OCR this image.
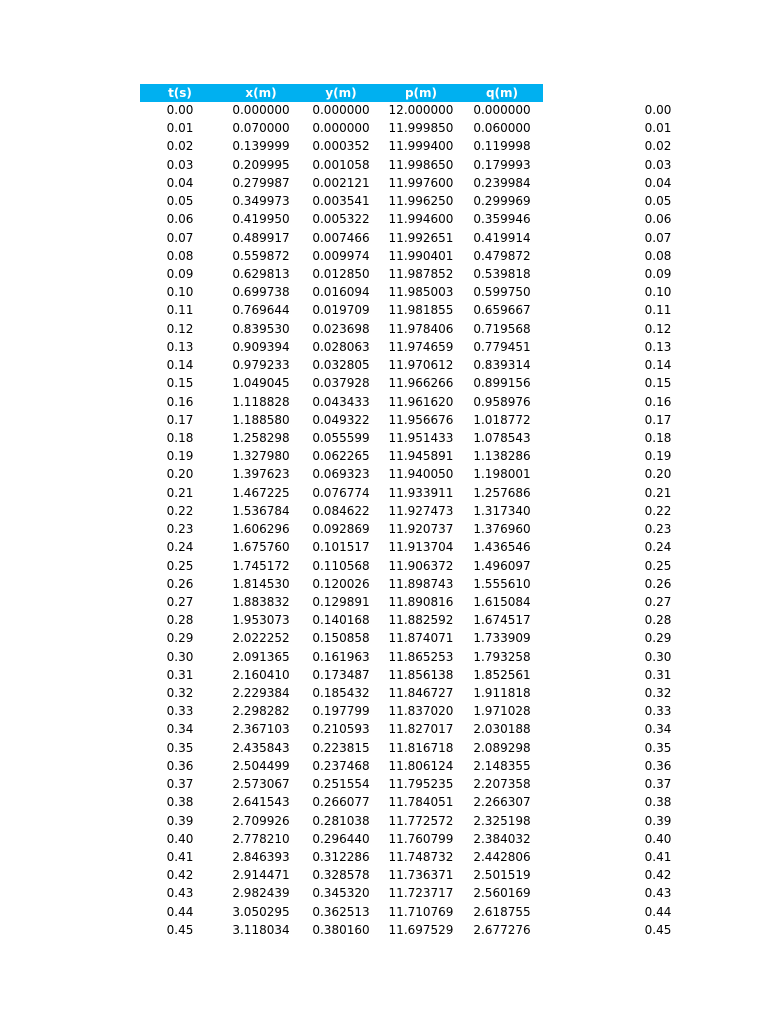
t(s)	x(m)	y(m)	p(m)	q(m)
0.00	0.000000	0.000000	12.000000	0.000000	0.00
0.01	0.070000	0.000000	11.999850	0.060000	0.01
0.02	0.139999	0.000352	11.999400	0.119998	0.02
0.03	0.209995	0.001058	11.998650	0.179993	0.03
0.04	0.279987	0.002121	11.997600	0.239984	0.04
0.05	0.349973	0.003541	11.996250	0.299969	0.05
0.06	0.419950	0.005322	11.994600	0.359946	0.06
0.07	0.489917	0.007466	11.992651	0.419914	0.07
0.08	0.559872	0.009974	11.990401	0.479872	0.08
0.09	0.629813	0.012850	11.987852	0.539818	0.09
0.10	0.699738	0.016094	11.985003	0.599750	0.10
0.11	0.769644	0.019709	11.981855	0.659667	0.11
0.12	0.839530	0.023698	11.978406	0.719568	0.12
0.13	0.909394	0.028063	11.974659	0.779451	0.13
0.14	0.979233	0.032805	11.970612	0.839314	0.14
0.15	1.049045	0.037928	11.966266	0.899156	0.15
0.16	1.118828	0.043433	11.961620	0.958976	0.16
0.17	1.188580	0.049322	11.956676	1.018772	0.17
0.18	1.258298	0.055599	11.951433	1.078543	0.18
0.19	1.327980	0.062265	11.945891	1.138286	0.19
0.20	1.397623	0.069323	11.940050	1.198001	0.20
0.21	1.467225	0.076774	11.933911	1.257686	0.21
0.22	1.536784	0.084622	11.927473	1.317340	0.22
0.23	1.606296	0.092869	11.920737	1.376960	0.23
0.24	1.675760	0.101517	11.913704	1.436546	0.24
0.25	1.745172	0.110568	11.906372	1.496097	0.25
0.26	1.814530	0.120026	11.898743	1.555610	0.26
0.27	1.883832	0.129891	11.890816	1.615084	0.27
0.28	1.953073	0.140168	11.882592	1.674517	0.28
0.29	2.022252	0.150858	11.874071	1.733909	0.29
0.30	2.091365	0.161963	11.865253	1.793258	0.30
0.31	2.160410	0.173487	11.856138	1.852561	0.31
0.32	2.229384	0.185432	11.846727	1.911818	0.32
0.33	2.298282	0.197799	11.837020	1.971028	0.33
0.34	2.367103	0.210593	11.827017	2.030188	0.34
0.35	2.435843	0.223815	11.816718	2.089298	0.35
0.36	2.504499	0.237468	11.806124	2.148355	0.36
0.37	2.573067	0.251554	11.795235	2.207358	0.37
0.38	2.641543	0.266077	11.784051	2.266307	0.38
0.39	2.709926	0.281038	11.772572	2.325198	0.39
0.40	2.778210	0.296440	11.760799	2.384032	0.40
0.41	2.846393	0.312286	11.748732	2.442806	0.41
0.42	2.914471	0.328578	11.736371	2.501519	0.42
0.43	2.982439	0.345320	11.723717	2.560169	0.43
0.44	3.050295	0.362513	11.710769	2.618755	0.44
0.45	3.118034	0.380160	11.697529	2.677276	0.45
